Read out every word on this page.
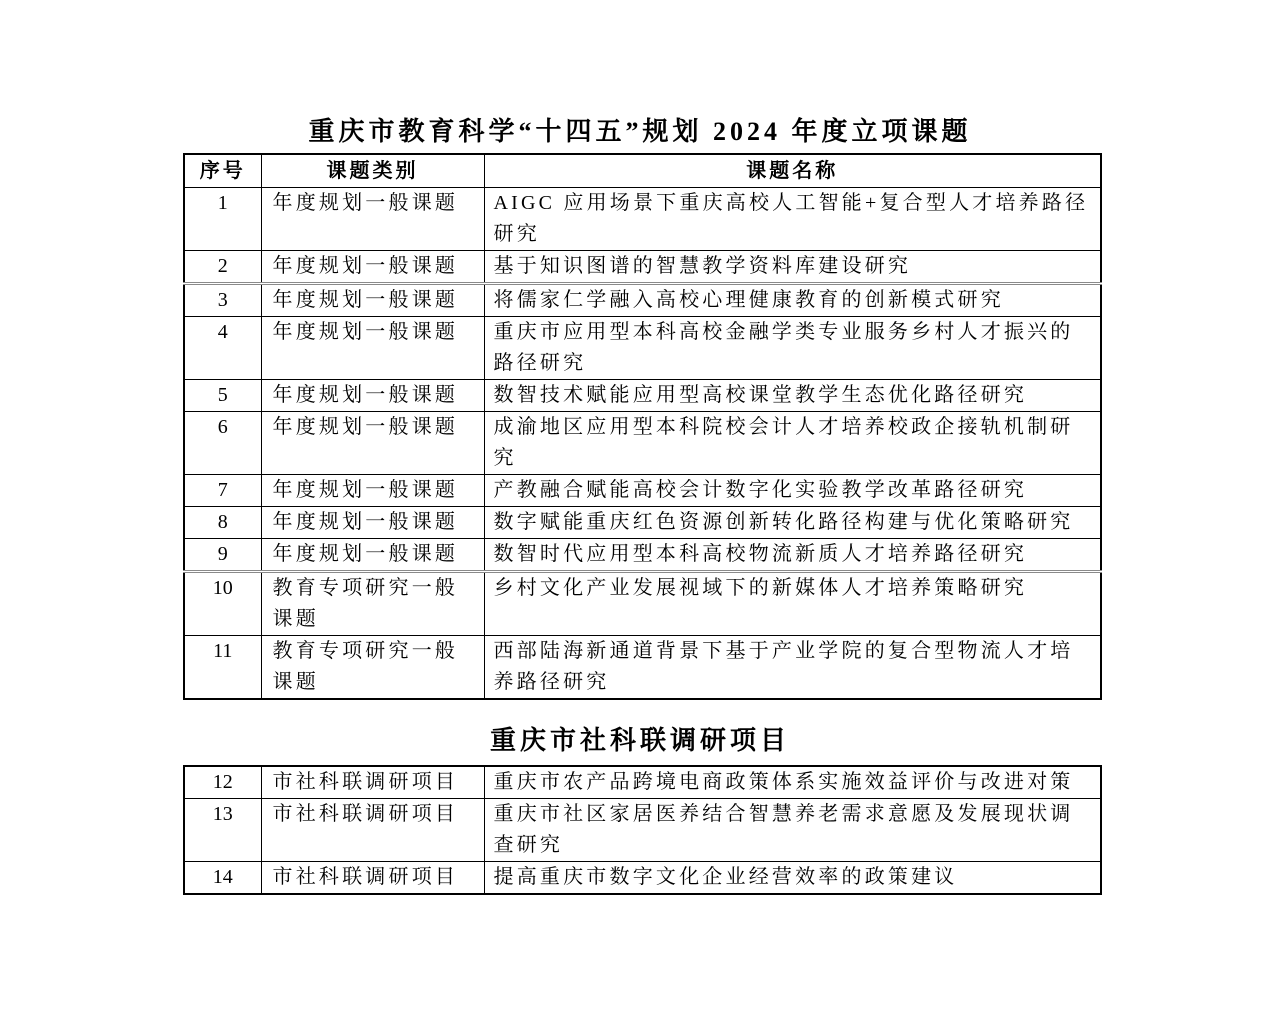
重庆市教育科学“十四五”规划 2024 年度立项课题
序号	课题类别	课题名称
1	年度规划一般课题	AIGC 应用场景下重庆高校人工智能+复合型人才培养路径研究
2	年度规划一般课题	基于知识图谱的智慧教学资料库建设研究
3	年度规划一般课题	将儒家仁学融入高校心理健康教育的创新模式研究
4	年度规划一般课题	重庆市应用型本科高校金融学类专业服务乡村人才振兴的路径研究
5	年度规划一般课题	数智技术赋能应用型高校课堂教学生态优化路径研究
6	年度规划一般课题	成渝地区应用型本科院校会计人才培养校政企接轨机制研究
7	年度规划一般课题	产教融合赋能高校会计数字化实验教学改革路径研究
8	年度规划一般课题	数字赋能重庆红色资源创新转化路径构建与优化策略研究
9	年度规划一般课题	数智时代应用型本科高校物流新质人才培养路径研究
10	教育专项研究一般课题	乡村文化产业发展视域下的新媒体人才培养策略研究
11	教育专项研究一般课题	西部陆海新通道背景下基于产业学院的复合型物流人才培养路径研究
重庆市社科联调研项目
12	市社科联调研项目	重庆市农产品跨境电商政策体系实施效益评价与改进对策
13	市社科联调研项目	重庆市社区家居医养结合智慧养老需求意愿及发展现状调查研究
14	市社科联调研项目	提高重庆市数字文化企业经营效率的政策建议
